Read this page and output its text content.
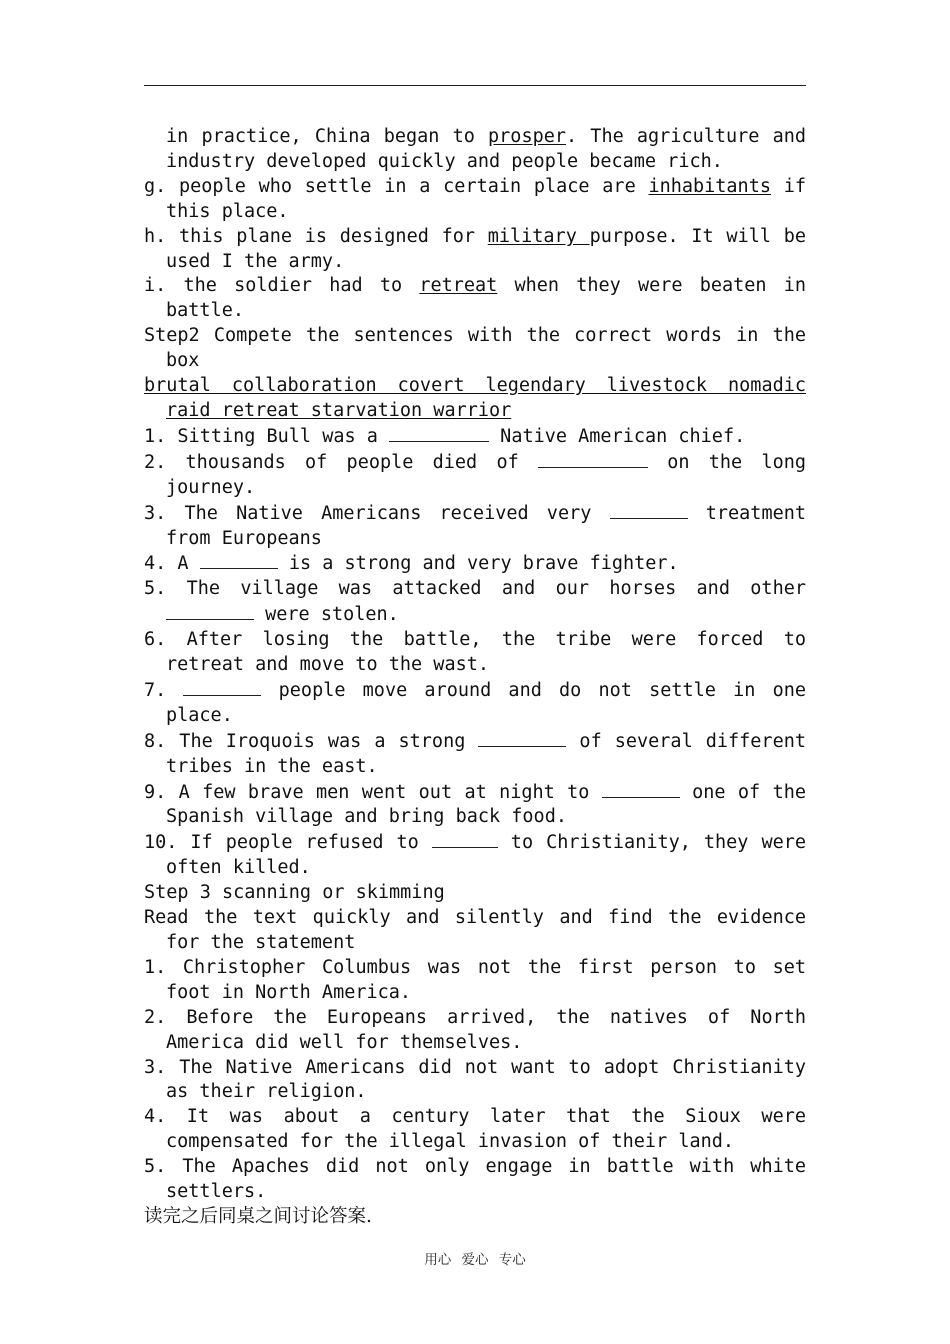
in practice, China began to prosper. The agriculture and industry developed quickly and people became rich.

g. people who settle in a certain place are inhabitants if this place.

h. this plane is designed for military purpose. It will be used I the army.

i. the soldier had to retreat when they were beaten in battle.

Step2 Compete the sentences with the correct words in the box

brutal collaboration covert legendary livestock nomadic raid retreat starvation warrior

1. Sitting Bull was a	Native American chief.

2. thousands of people died of	on the long journey.

3. The Native Americans received very	treatment from Europeans

4. A	is a strong and very brave fighter.

5. The village was attacked and our horses and other  were stolen.

6. After losing the battle, the tribe were forced to retreat and move to the wast.

7.	people move around and do not settle in one place.

8. The Iroquois was a strong	of several different tribes in the east.

9. A few brave men went out at night to	one of the Spanish village and bring back food.

10. If people refused to	to Christianity, they were often killed.

Step 3 scanning or skimming

Read the text quickly and silently and find the evidence for the statement

1. Christopher Columbus was not the first person to set foot in North America.

2. Before the Europeans arrived, the natives of North America did well for themselves.

3. The Native Americans did not want to adopt Christianity as their religion.

4. It was about a century later that the Sioux were compensated for the illegal invasion of their land.

5. The Apaches did not only engage in battle with white settlers.

读完之后同桌之间讨论答案.

用心 爱心 专心
